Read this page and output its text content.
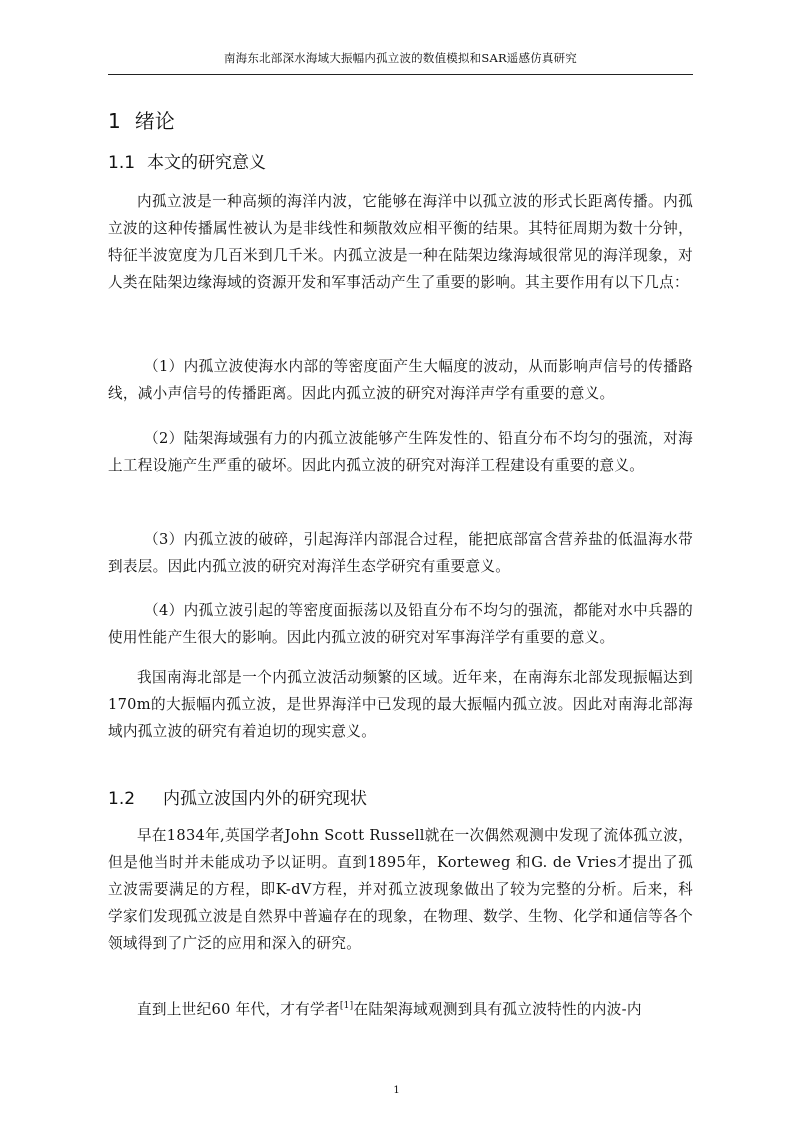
南海东北部深水海域大振幅内孤立波的数值模拟和SAR遥感仿真研究
1 绪论
1.1 本文的研究意义

内孤立波是一种高频的海洋内波，它能够在海洋中以孤立波的形式长距离传播。内孤立波的这种传播属性被认为是非线性和频散效应相平衡的结果。其特征周期为数十分钟，特征半波宽度为几百米到几千米。内孤立波是一种在陆架边缘海域很常见的海洋现象，对人类在陆架边缘海域的资源开发和军事活动产生了重要的影响。其主要作用有以下几点：

（1）内孤立波使海水内部的等密度面产生大幅度的波动，从而影响声信号的传播路线，减小声信号的传播距离。因此内孤立波的研究对海洋声学有重要的意义。

（2）陆架海域强有力的内孤立波能够产生阵发性的、铅直分布不均匀的强流，对海上工程设施产生严重的破坏。因此内孤立波的研究对海洋工程建设有重要的意义。

（3）内孤立波的破碎，引起海洋内部混合过程，能把底部富含营养盐的低温海水带到表层。因此内孤立波的研究对海洋生态学研究有重要意义。

（4）内孤立波引起的等密度面振荡以及铅直分布不均匀的强流，都能对水中兵器的使用性能产生很大的影响。因此内孤立波的研究对军事海洋学有重要的意义。

我国南海北部是一个内孤立波活动频繁的区域。近年来，在南海东北部发现振幅达到170m的大振幅内孤立波，是世界海洋中已发现的最大振幅内孤立波。因此对南海北部海域内孤立波的研究有着迫切的现实意义。

1.2 内孤立波国内外的研究现状

早在1834年,英国学者John Scott Russell就在一次偶然观测中发现了流体孤立波，但是他当时并未能成功予以证明。直到1895年，Korteweg 和G. de Vries才提出了孤立波需要满足的方程，即K-dV方程，并对孤立波现象做出了较为完整的分析。后来，科学家们发现孤立波是自然界中普遍存在的现象，在物理、数学、生物、化学和通信等各个领域得到了广泛的应用和深入的研究。

直到上世纪60 年代，才有学者[1]在陆架海域观测到具有孤立波特性的内波-内

1
